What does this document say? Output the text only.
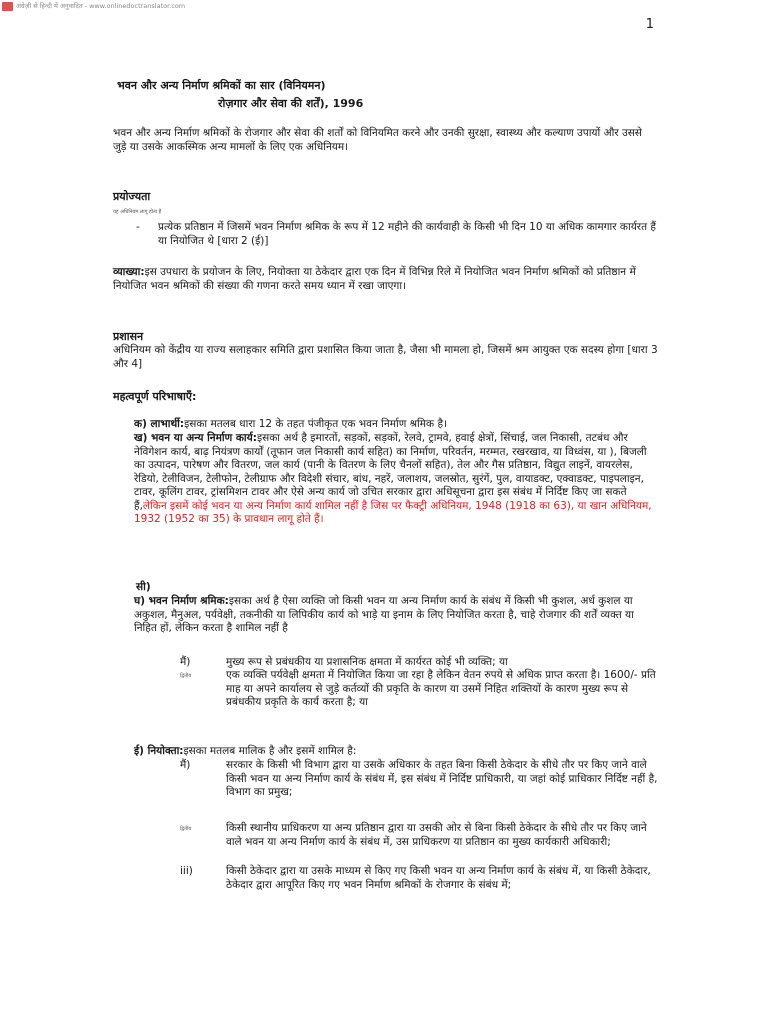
अंग्रेज़ी से हिन्दी में अनुवादित - www.onlinedoctranslator.com
1

भवन और अन्य निर्माण श्रमिकों का सार (विनियमन)

रोज़गार और सेवा की शर्तें), 1996

भवन और अन्य निर्माण श्रमिकों के रोजगार और सेवा की शर्तों को विनियमित करने और उनकी सुरक्षा, स्वास्थ्य और कल्याण उपायों और उससे जुड़े या उसके आकस्मिक अन्य मामलों के लिए एक अधिनियम।

प्रयोज्यता

यह अधिनियम लागू होता है

- प्रत्येक प्रतिष्ठान में जिसमें भवन निर्माण श्रमिक के रूप में 12 महीने की कार्यवाही के किसी भी दिन 10 या अधिक कामगार कार्यरत हैं या नियोजित थे [धारा 2 (ई)]

व्याख्या:इस उपधारा के प्रयोजन के लिए, नियोक्ता या ठेकेदार द्वारा एक दिन में विभिन्न रिले में नियोजित भवन निर्माण श्रमिकों को प्रतिष्ठान में नियोजित भवन श्रमिकों की संख्या की गणना करते समय ध्यान में रखा जाएगा।

प्रशासन

अधिनियम को केंद्रीय या राज्य सलाहकार समिति द्वारा प्रशासित किया जाता है, जैसा भी मामला हो, जिसमें श्रम आयुक्त एक सदस्य होगा [धारा 3 और 4]

महत्वपूर्ण परिभाषाएँ:

क) लाभार्थी:इसका मतलब धारा 12 के तहत पंजीकृत एक भवन निर्माण श्रमिक है।

ख) भवन या अन्य निर्माण कार्य:इसका अर्थ है इमारतों, सड़कों, सड़कों, रेलवे, ट्रामवे, हवाई क्षेत्रों, सिंचाई, जल निकासी, तटबंध और नेविगेशन कार्य, बाढ़ नियंत्रण कार्यों (तूफान जल निकासी कार्य सहित) का निर्माण, परिवर्तन, मरम्मत, रखरखाव, या विध्वंस, या ), बिजली का उत्पादन, पारेषण और वितरण, जल कार्य (पानी के वितरण के लिए चैनलों सहित), तेल और गैस प्रतिष्ठान, विद्युत लाइनें, वायरलेस, रेडियो, टेलीविजन, टेलीफोन, टेलीग्राफ और विदेशी संचार, बांध, नहरें, जलाशय, जलस्रोत, सुरंगें, पुल, वायाडक्ट, एक्वाडक्ट, पाइपलाइन, टावर, कूलिंग टावर, ट्रांसमिशन टावर और ऐसे अन्य कार्य जो उचित सरकार द्वारा अधिसूचना द्वारा इस संबंध में निर्दिष्ट किए जा सकते हैं,लेकिन इसमें कोई भवन या अन्य निर्माण कार्य शामिल नहीं है जिस पर फैक्ट्री अधिनियम, 1948 (1918 का 63), या खान अधिनियम, 1932 (1952 का 35) के प्रावधान लागू होते हैं।

सी)

घ) भवन निर्माण श्रमिक:इसका अर्थ है ऐसा व्यक्ति जो किसी भवन या अन्य निर्माण कार्य के संबंध में किसी भी कुशल, अर्ध कुशल या अकुशल, मैनुअल, पर्यवेक्षी, तकनीकी या लिपिकीय कार्य को भाड़े या इनाम के लिए नियोजित करता है, चाहे रोजगार की शर्तें व्यक्त या निहित हों, लेकिन करता है शामिल नहीं है

मैं)	मुख्य रूप से प्रबंधकीय या प्रशासनिक क्षमता में कार्यरत कोई भी व्यक्ति; या

द्वितीय	एक व्यक्ति पर्यवेक्षी क्षमता में नियोजित किया जा रहा है लेकिन वेतन रुपये से अधिक प्राप्त करता है। 1600/- प्रति माह या अपने कार्यालय से जुड़े कर्तव्यों की प्रकृति के कारण या उसमें निहित शक्तियों के कारण मुख्य रूप से प्रबंधकीय प्रकृति के कार्य करता है; या

ई) नियोक्ता:इसका मतलब मालिक है और इसमें शामिल है:

मैं)	सरकार के किसी भी विभाग द्वारा या उसके अधिकार के तहत बिना किसी ठेकेदार के सीधे तौर पर किए जाने वाले किसी भवन या अन्य निर्माण कार्य के संबंध में, इस संबंध में निर्दिष्ट प्राधिकारी, या जहां कोई प्राधिकार निर्दिष्ट नहीं है, विभाग का प्रमुख;

द्वितीय	किसी स्थानीय प्राधिकरण या अन्य प्रतिष्ठान द्वारा या उसकी ओर से बिना किसी ठेकेदार के सीधे तौर पर किए जाने वाले भवन या अन्य निर्माण कार्य के संबंध में, उस प्राधिकरण या प्रतिष्ठान का मुख्य कार्यकारी अधिकारी;

iii)	किसी ठेकेदार द्वारा या उसके माध्यम से किए गए किसी भवन या अन्य निर्माण कार्य के संबंध में, या किसी ठेकेदार, ठेकेदार द्वारा आपूरित किए गए भवन निर्माण श्रमिकों के रोजगार के संबंध में;
